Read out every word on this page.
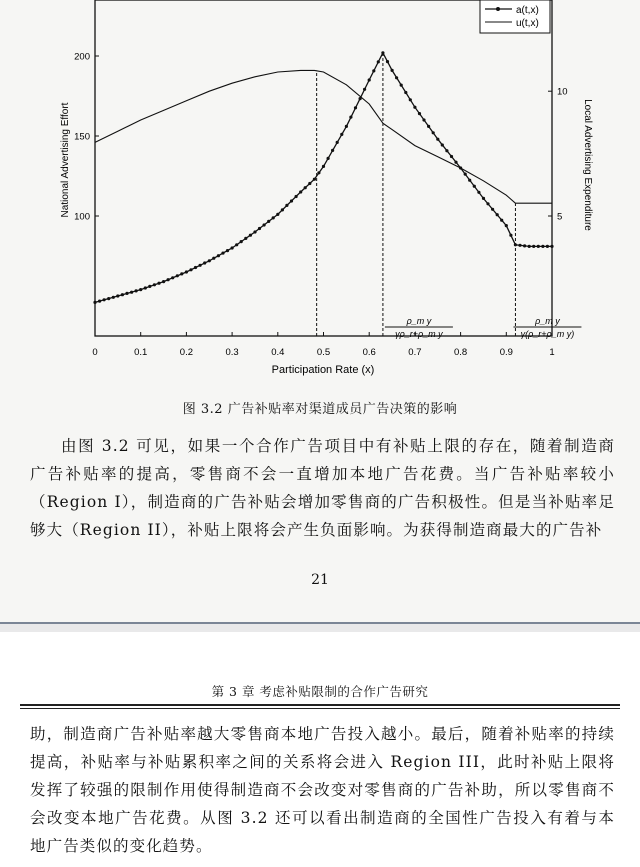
0	0.1	0.2	0.3	0.4	0.5	0.6	0.7	0.8	0.9	1
100
150
200
5
10
ρ_m y
γρ_r+ρ_m y
ρ_m y
γ(ρ_r+ρ_m y)
a(t,x)
u(t,x)
Participation Rate (x)
National Advertising Effort	Local Advertising Expenditure
图 3.2 广告补贴率对渠道成员广告决策的影响
由图 3.2 可见，如果一个合作广告项目中有补贴上限的存在，随着制造商广告补贴率的提高，零售商不会一直增加本地广告花费。当广告补贴率较小（Region I），制造商的广告补贴会增加零售商的广告积极性。但是当补贴率足够大（Region II），补贴上限将会产生负面影响。为获得制造商最大的广告补
21
第 3 章 考虑补贴限制的合作广告研究
助，制造商广告补贴率越大零售商本地广告投入越小。最后，随着补贴率的持续提高，补贴率与补贴累积率之间的关系将会进入 Region III，此时补贴上限将发挥了较强的限制作用使得制造商不会改变对零售商的广告补助，所以零售商不会改变本地广告花费。从图 3.2 还可以看出制造商的全国性广告投入有着与本地广告类似的变化趋势。
